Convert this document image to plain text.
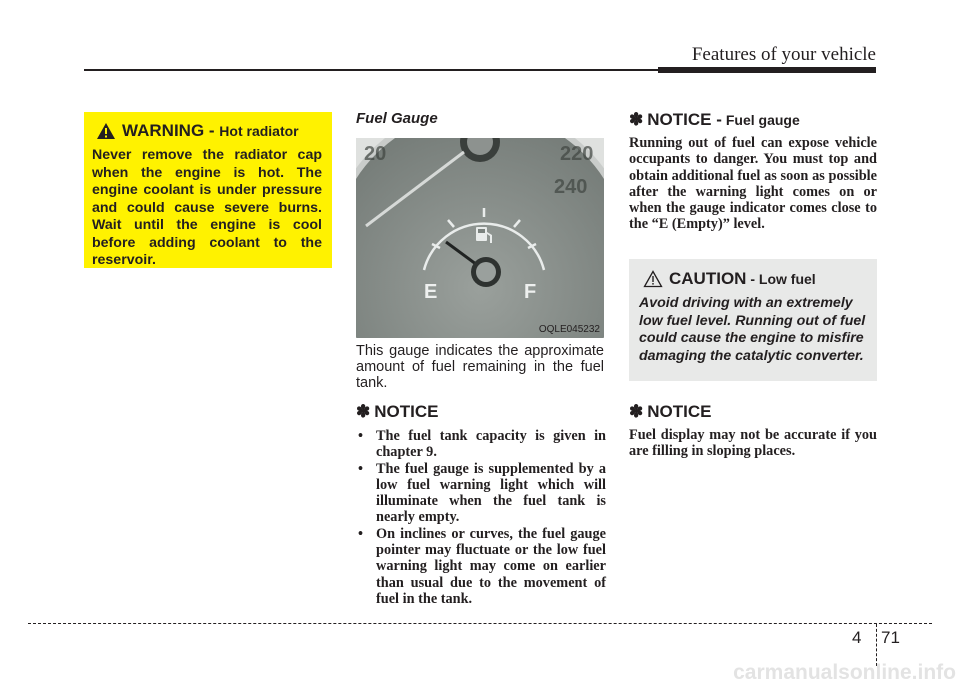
Features of your vehicle
WARNING - Hot radiator
Never remove the radiator cap when the engine is hot. The engine coolant is under pressure and could cause severe burns. Wait until the engine is cool before adding coolant to the reservoir.
Fuel Gauge
20	220
240
E	F
OQLE045232
This gauge indicates the approximate amount of fuel remaining in the fuel tank.
✽ NOTICE
• The fuel tank capacity is given in chapter 9.
• The fuel gauge is supplemented by a low fuel warning light which will illuminate when the fuel tank is nearly empty.
• On inclines or curves, the fuel gauge pointer may fluctuate or the low fuel warning light may come on earlier than usual due to the movement of fuel in the tank.
✽ NOTICE - Fuel gauge
Running out of fuel can expose vehicle occupants to danger. You must top and obtain additional fuel as soon as possible after the warning light comes on or when the gauge indicator comes close to the “E (Empty)” level.
CAUTION - Low fuel
Avoid driving with an extremely low fuel level. Running out of fuel could cause the engine to misfire damaging the catalytic converter.
✽ NOTICE
Fuel display may not be accurate if you are filling in sloping places.
4 71
carmanualsonline.info
